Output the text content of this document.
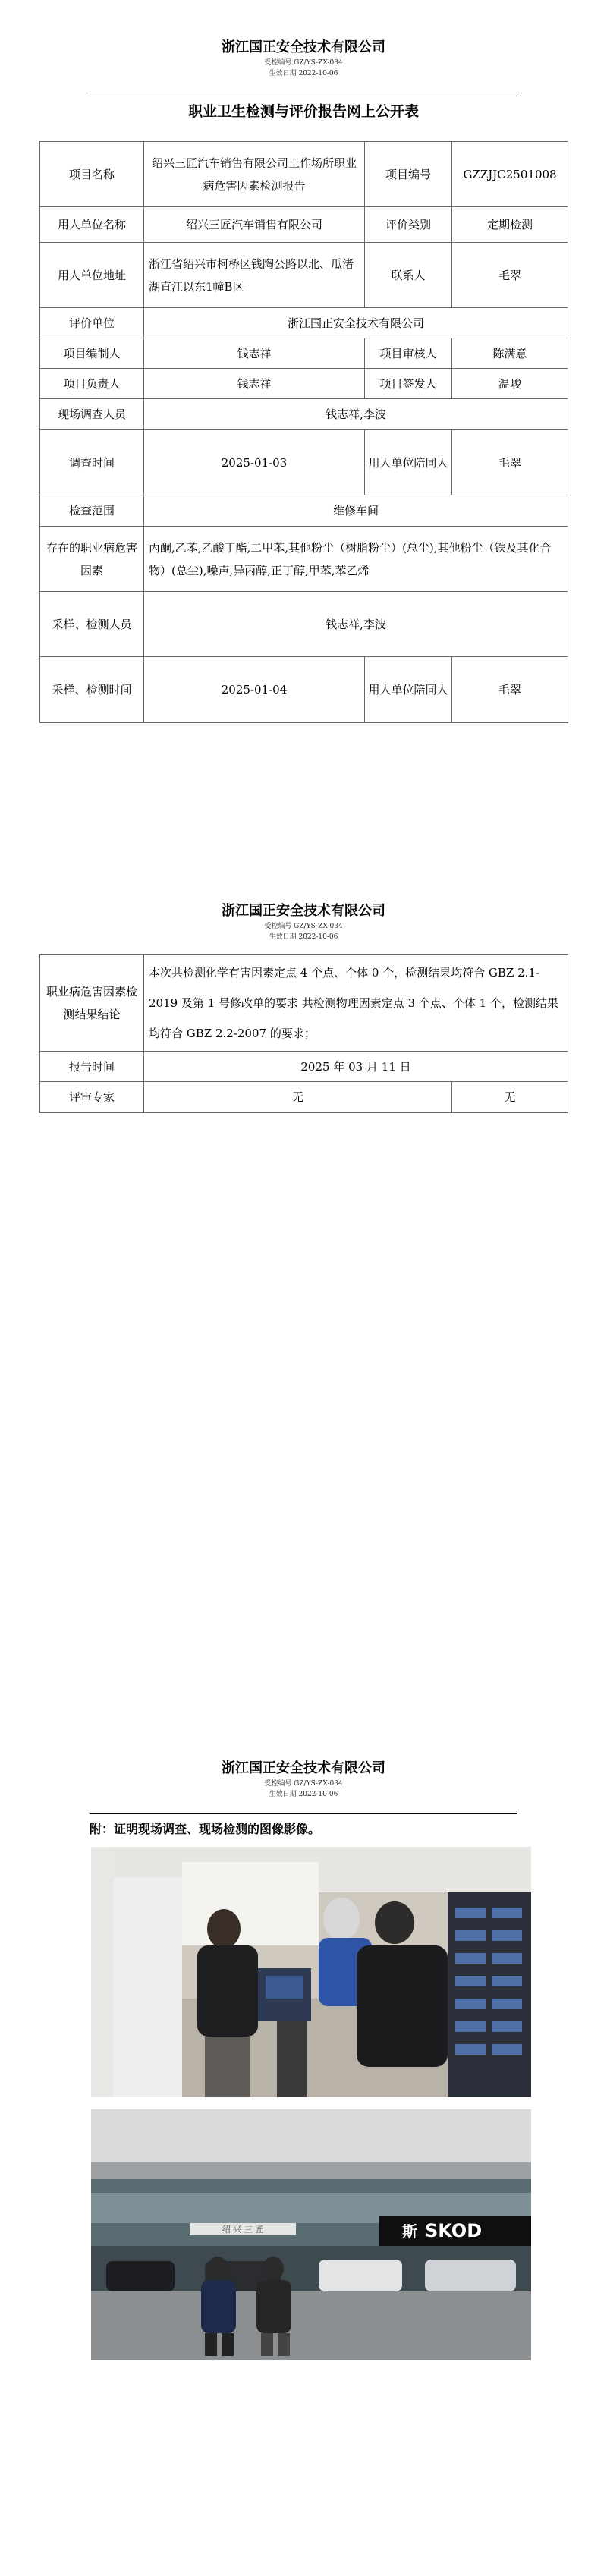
浙江国正安全技术有限公司
受控编号 GZ/YS-ZX-034
生效日期 2022-10-06
职业卫生检测与评价报告网上公开表
项目名称	绍兴三匠汽车销售有限公司工作场所职业病危害因素检测报告	项目编号	GZZJJC2501008
用人单位名称	绍兴三匠汽车销售有限公司	评价类别	定期检测
用人单位地址	浙江省绍兴市柯桥区钱陶公路以北、瓜渚湖直江以东1幢B区	联系人	毛翠
评价单位	浙江国正安全技术有限公司		
项目编制人	钱志祥	项目审核人	陈满意
项目负责人	钱志祥	项目签发人	温峻
现场调查人员	钱志祥,李波		
调查时间	2025-01-03	用人单位陪同人	毛翠
检查范围	维修车间		
存在的职业病危害因素	丙酮,乙苯,乙酸丁酯,二甲苯,其他粉尘（树脂粉尘）(总尘),其他粉尘（铁及其化合物）(总尘),噪声,异丙醇,正丁醇,甲苯,苯乙烯		
采样、检测人员	钱志祥,李波		
采样、检测时间	2025-01-04	用人单位陪同人	毛翠
浙江国正安全技术有限公司
受控编号 GZ/YS-ZX-034
生效日期 2022-10-06
职业病危害因素检测结果结论	本次共检测化学有害因素定点 4 个点、个体 0 个，检测结果均符合 GBZ 2.1-2019 及第 1 号修改单的要求 共检测物理因素定点 3 个点、个体 1 个，检测结果均符合 GBZ 2.2-2007 的要求；	
报告时间	2025 年 03 月 11 日	
评审专家	无	无
浙江国正安全技术有限公司
受控编号 GZ/YS-ZX-034
生效日期 2022-10-06
附：证明现场调查、现场检测的图像影像。
绍 兴 三 匠	SKOD
斯
